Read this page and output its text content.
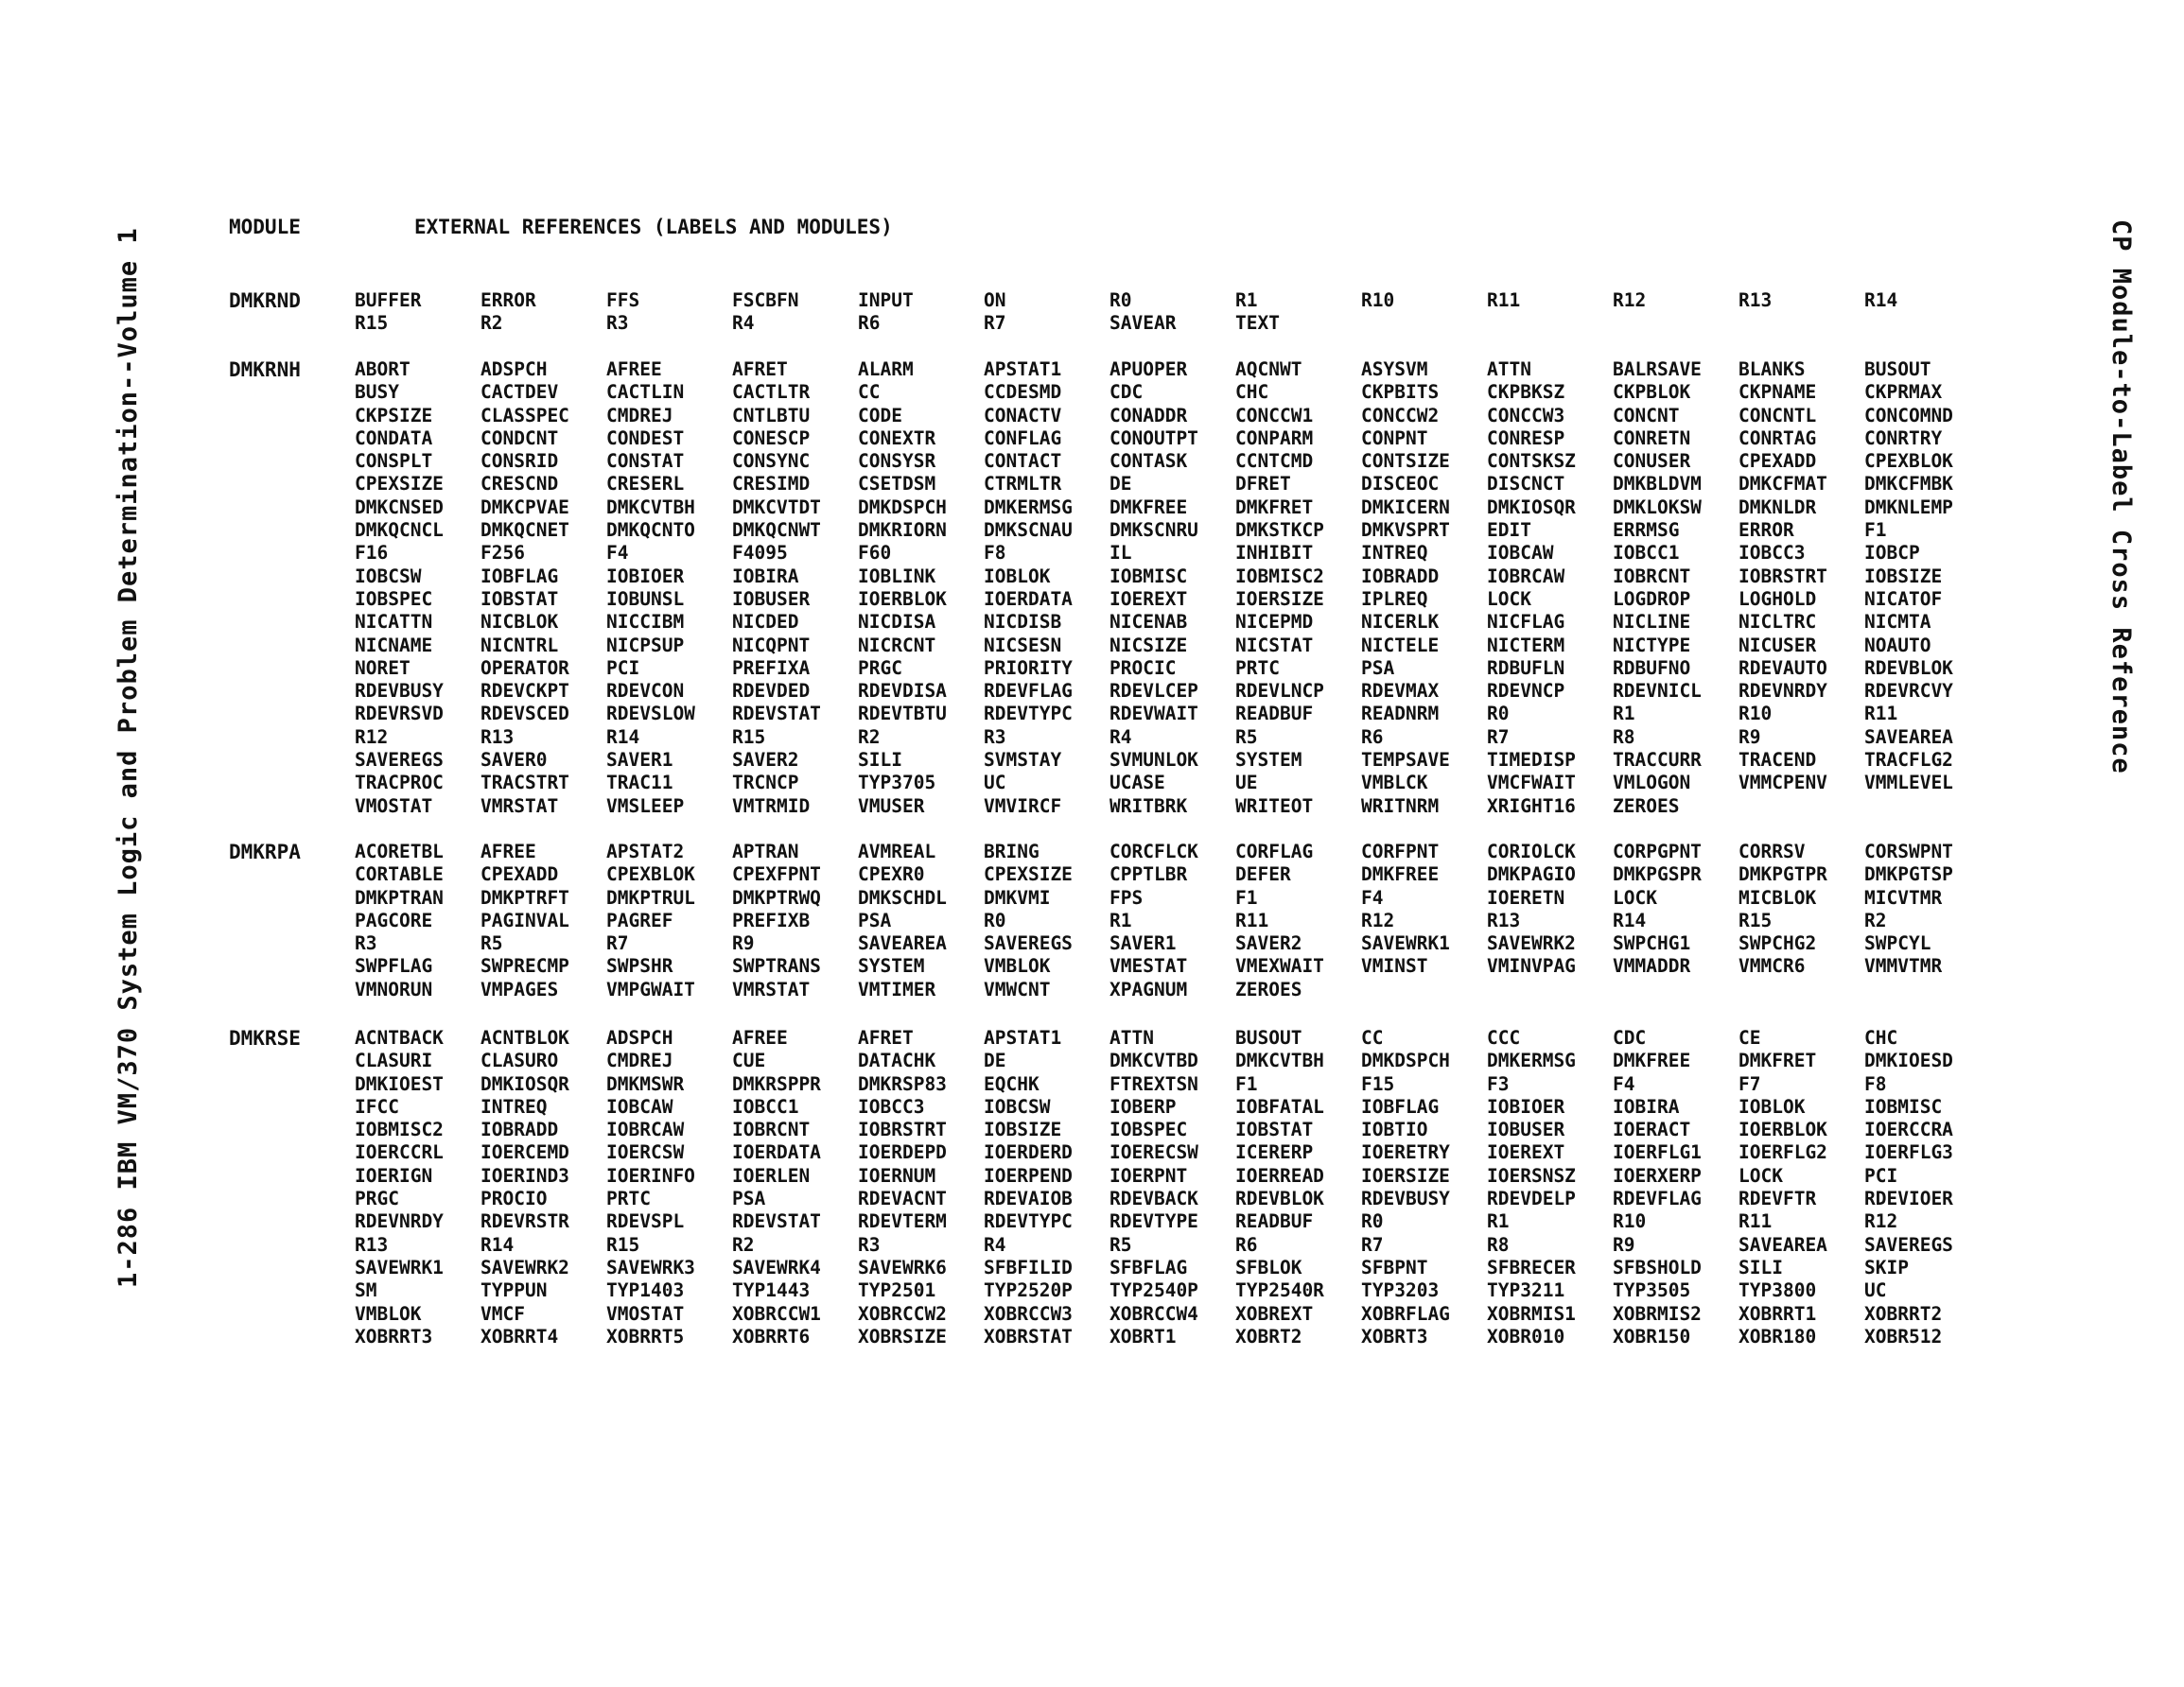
1-286 IBM VM/370 System Logic and Problem Determination--Volume 1	CP Module-to-Label Cross Reference
MODULE	EXTERNAL REFERENCES (LABELS AND MODULES)
DMKRND	BUFFER	ERROR	FFS	FSCBFN	INPUT	ON	R0	R1	R10	R11	R12	R13	R14
R15	R2	R3	R4	R6	R7	SAVEAR	TEXT
DMKRNH	ABORT	ADSPCH	AFREE	AFRET	ALARM	APSTAT1	APUOPER	AQCNWT	ASYSVM	ATTN	BALRSAVE	BLANKS	BUSOUT
BUSY	CACTDEV	CACTLIN	CACTLTR	CC	CCDESMD	CDC	CHC	CKPBITS	CKPBKSZ	CKPBLOK	CKPNAME	CKPRMAX
CKPSIZE	CLASSPEC	CMDREJ	CNTLBTU	CODE	CONACTV	CONADDR	CONCCW1	CONCCW2	CONCCW3	CONCNT	CONCNTL	CONCOMND
CONDATA	CONDCNT	CONDEST	CONESCP	CONEXTR	CONFLAG	CONOUTPT	CONPARM	CONPNT	CONRESP	CONRETN	CONRTAG	CONRTRY
CONSPLT	CONSRID	CONSTAT	CONSYNC	CONSYSR	CONTACT	CONTASK	CCNTCMD	CONTSIZE	CONTSKSZ	CONUSER	CPEXADD	CPEXBLOK
CPEXSIZE	CRESCND	CRESERL	CRESIMD	CSETDSM	CTRMLTR	DE	DFRET	DISCEOC	DISCNCT	DMKBLDVM	DMKCFMAT	DMKCFMBK
DMKCNSED	DMKCPVAE	DMKCVTBH	DMKCVTDT	DMKDSPCH	DMKERMSG	DMKFREE	DMKFRET	DMKICERN	DMKIOSQR	DMKLOKSW	DMKNLDR	DMKNLEMP
DMKQCNCL	DMKQCNET	DMKQCNTO	DMKQCNWT	DMKRIORN	DMKSCNAU	DMKSCNRU	DMKSTKCP	DMKVSPRT	EDIT	ERRMSG	ERROR	F1
F16	F256	F4	F4095	F60	F8	IL	INHIBIT	INTREQ	IOBCAW	IOBCC1	IOBCC3	IOBCP
IOBCSW	IOBFLAG	IOBIOER	IOBIRA	IOBLINK	IOBLOK	IOBMISC	IOBMISC2	IOBRADD	IOBRCAW	IOBRCNT	IOBRSTRT	IOBSIZE
IOBSPEC	IOBSTAT	IOBUNSL	IOBUSER	IOERBLOK	IOERDATA	IOEREXT	IOERSIZE	IPLREQ	LOCK	LOGDROP	LOGHOLD	NICATOF
NICATTN	NICBLOK	NICCIBM	NICDED	NICDISA	NICDISB	NICENAB	NICEPMD	NICERLK	NICFLAG	NICLINE	NICLTRC	NICMTA
NICNAME	NICNTRL	NICPSUP	NICQPNT	NICRCNT	NICSESN	NICSIZE	NICSTAT	NICTELE	NICTERM	NICTYPE	NICUSER	NOAUTO
NORET	OPERATOR	PCI	PREFIXA	PRGC	PRIORITY	PROCIC	PRTC	PSA	RDBUFLN	RDBUFNO	RDEVAUTO	RDEVBLOK
RDEVBUSY	RDEVCKPT	RDEVCON	RDEVDED	RDEVDISA	RDEVFLAG	RDEVLCEP	RDEVLNCP	RDEVMAX	RDEVNCP	RDEVNICL	RDEVNRDY	RDEVRCVY
RDEVRSVD	RDEVSCED	RDEVSLOW	RDEVSTAT	RDEVTBTU	RDEVTYPC	RDEVWAIT	READBUF	READNRM	R0	R1	R10	R11
R12	R13	R14	R15	R2	R3	R4	R5	R6	R7	R8	R9	SAVEAREA
SAVEREGS	SAVER0	SAVER1	SAVER2	SILI	SVMSTAY	SVMUNLOK	SYSTEM	TEMPSAVE	TIMEDISP	TRACCURR	TRACEND	TRACFLG2
TRACPROC	TRACSTRT	TRAC11	TRCNCP	TYP3705	UC	UCASE	UE	VMBLCK	VMCFWAIT	VMLOGON	VMMCPENV	VMMLEVEL
VMOSTAT	VMRSTAT	VMSLEEP	VMTRMID	VMUSER	VMVIRCF	WRITBRK	WRITEOT	WRITNRM	XRIGHT16	ZEROES
DMKRPA	ACORETBL	AFREE	APSTAT2	APTRAN	AVMREAL	BRING	CORCFLCK	CORFLAG	CORFPNT	CORIOLCK	CORPGPNT	CORRSV	CORSWPNT
CORTABLE	CPEXADD	CPEXBLOK	CPEXFPNT	CPEXR0	CPEXSIZE	CPPTLBR	DEFER	DMKFREE	DMKPAGIO	DMKPGSPR	DMKPGTPR	DMKPGTSP
DMKPTRAN	DMKPTRFT	DMKPTRUL	DMKPTRWQ	DMKSCHDL	DMKVMI	FPS	F1	F4	IOERETN	LOCK	MICBLOK	MICVTMR
PAGCORE	PAGINVAL	PAGREF	PREFIXB	PSA	R0	R1	R11	R12	R13	R14	R15	R2
R3	R5	R7	R9	SAVEAREA	SAVEREGS	SAVER1	SAVER2	SAVEWRK1	SAVEWRK2	SWPCHG1	SWPCHG2	SWPCYL
SWPFLAG	SWPRECMP	SWPSHR	SWPTRANS	SYSTEM	VMBLOK	VMESTAT	VMEXWAIT	VMINST	VMINVPAG	VMMADDR	VMMCR6	VMMVTMR
VMNORUN	VMPAGES	VMPGWAIT	VMRSTAT	VMTIMER	VMWCNT	XPAGNUM	ZEROES
DMKRSE	ACNTBACK	ACNTBLOK	ADSPCH	AFREE	AFRET	APSTAT1	ATTN	BUSOUT	CC	CCC	CDC	CE	CHC
CLASURI	CLASURO	CMDREJ	CUE	DATACHK	DE	DMKCVTBD	DMKCVTBH	DMKDSPCH	DMKERMSG	DMKFREE	DMKFRET	DMKIOESD
DMKIOEST	DMKIOSQR	DMKMSWR	DMKRSPPR	DMKRSP83	EQCHK	FTREXTSN	F1	F15	F3	F4	F7	F8
IFCC	INTREQ	IOBCAW	IOBCC1	IOBCC3	IOBCSW	IOBERP	IOBFATAL	IOBFLAG	IOBIOER	IOBIRA	IOBLOK	IOBMISC
IOBMISC2	IOBRADD	IOBRCAW	IOBRCNT	IOBRSTRT	IOBSIZE	IOBSPEC	IOBSTAT	IOBTIO	IOBUSER	IOERACT	IOERBLOK	IOERCCRA
IOERCCRL	IOERCEMD	IOERCSW	IOERDATA	IOERDEPD	IOERDERD	IOERECSW	ICERERP	IOERETRY	IOEREXT	IOERFLG1	IOERFLG2	IOERFLG3
IOERIGN	IOERIND3	IOERINFO	IOERLEN	IOERNUM	IOERPEND	IOERPNT	IOERREAD	IOERSIZE	IOERSNSZ	IOERXERP	LOCK	PCI
PRGC	PROCIO	PRTC	PSA	RDEVACNT	RDEVAIOB	RDEVBACK	RDEVBLOK	RDEVBUSY	RDEVDELP	RDEVFLAG	RDEVFTR	RDEVIOER
RDEVNRDY	RDEVRSTR	RDEVSPL	RDEVSTAT	RDEVTERM	RDEVTYPC	RDEVTYPE	READBUF	R0	R1	R10	R11	R12
R13	R14	R15	R2	R3	R4	R5	R6	R7	R8	R9	SAVEAREA	SAVEREGS
SAVEWRK1	SAVEWRK2	SAVEWRK3	SAVEWRK4	SAVEWRK6	SFBFILID	SFBFLAG	SFBLOK	SFBPNT	SFBRECER	SFBSHOLD	SILI	SKIP
SM	TYPPUN	TYP1403	TYP1443	TYP2501	TYP2520P	TYP2540P	TYP2540R	TYP3203	TYP3211	TYP3505	TYP3800	UC
VMBLOK	VMCF	VMOSTAT	XOBRCCW1	XOBRCCW2	XOBRCCW3	XOBRCCW4	XOBREXT	XOBRFLAG	XOBRMIS1	XOBRMIS2	XOBRRT1	XOBRRT2
XOBRRT3	XOBRRT4	XOBRRT5	XOBRRT6	XOBRSIZE	XOBRSTAT	XOBRT1	XOBRT2	XOBRT3	XOBR010	XOBR150	XOBR180	XOBR512
